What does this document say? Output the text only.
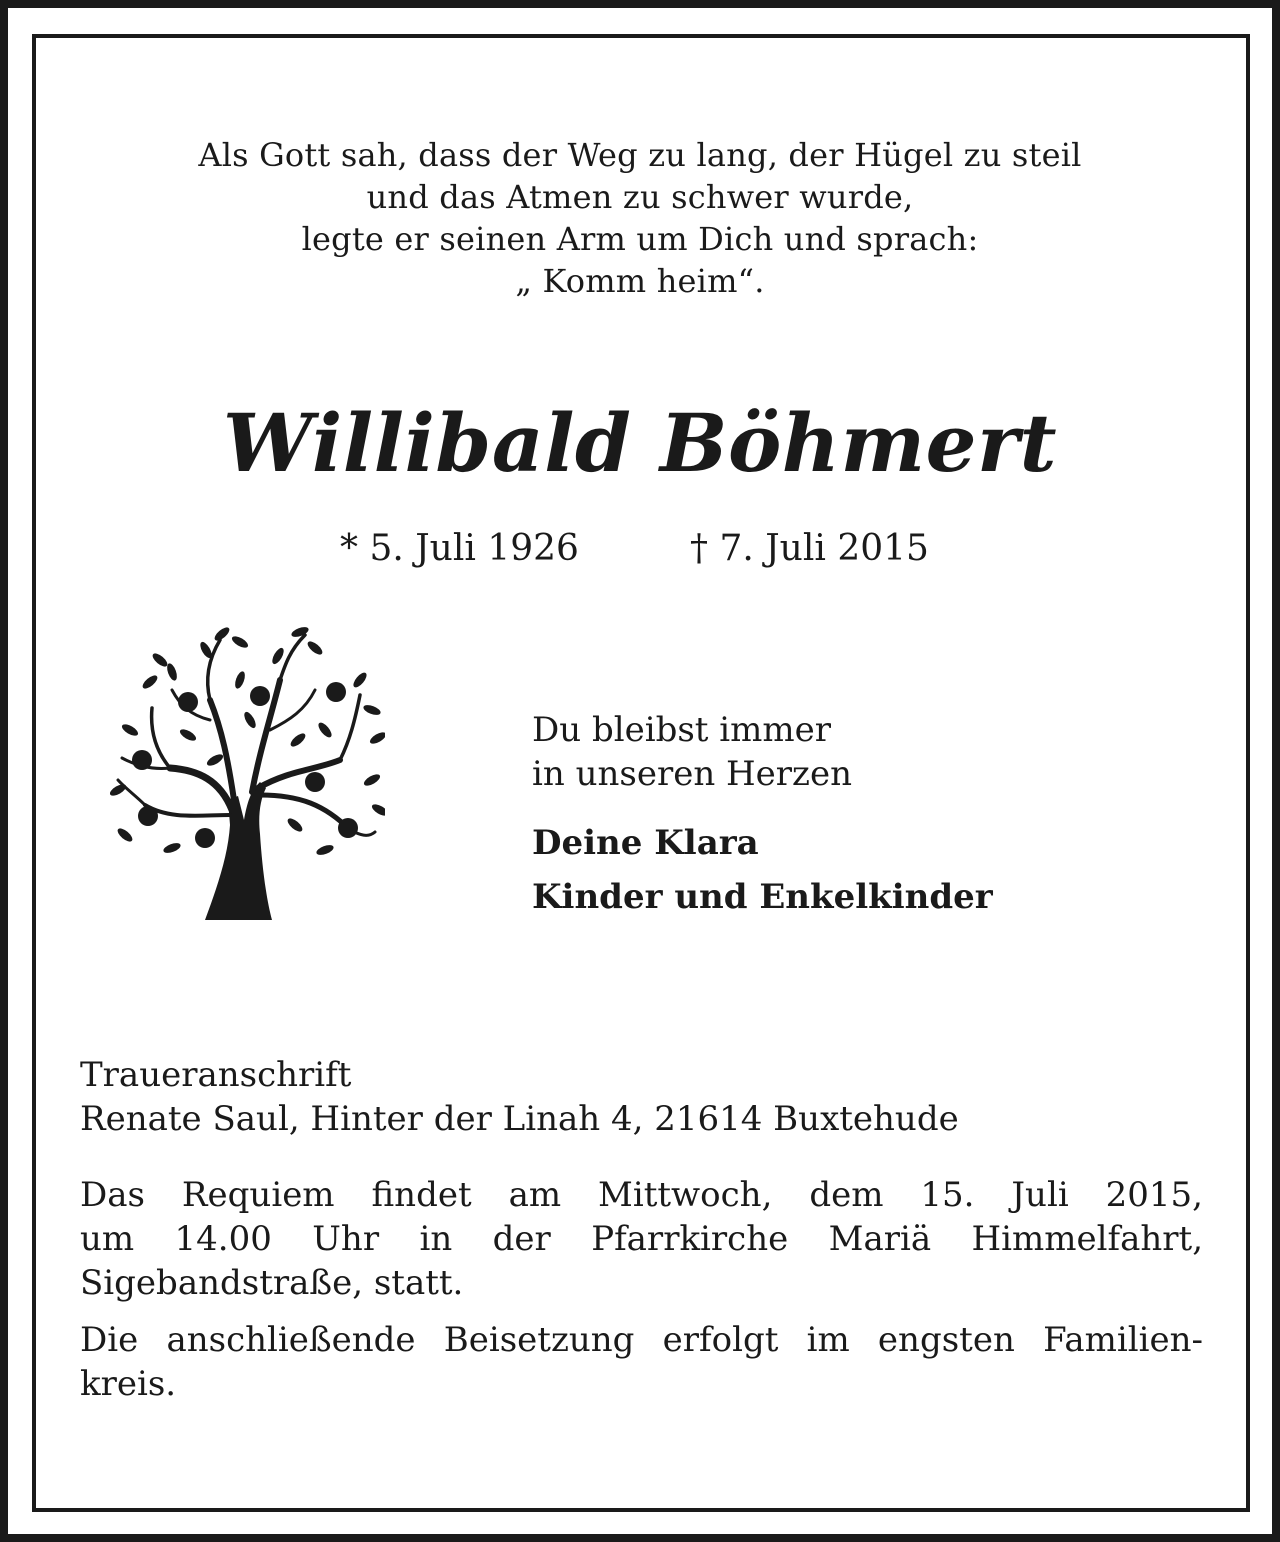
Als Gott sah, dass der Weg zu lang, der Hügel zu steil
und das Atmen zu schwer wurde,
legte er seinen Arm um Dich und sprach:
„ Komm heim“.
Willibald Böhmert
* 5. Juli 1926	† 7. Juli 2015
Du bleibst immer
in unseren Herzen
Deine Klara
Kinder und Enkelkinder
Traueranschrift
Renate Saul, Hinter der Linah 4, 21614 Buxtehude
Das Requiem findet am Mittwoch, dem 15. Juli 2015,
um 14.00 Uhr in der Pfarrkirche Mariä Himmelfahrt,
Sigebandstraße, statt.
Die anschließende Beisetzung erfolgt im engsten Familien-
kreis.
